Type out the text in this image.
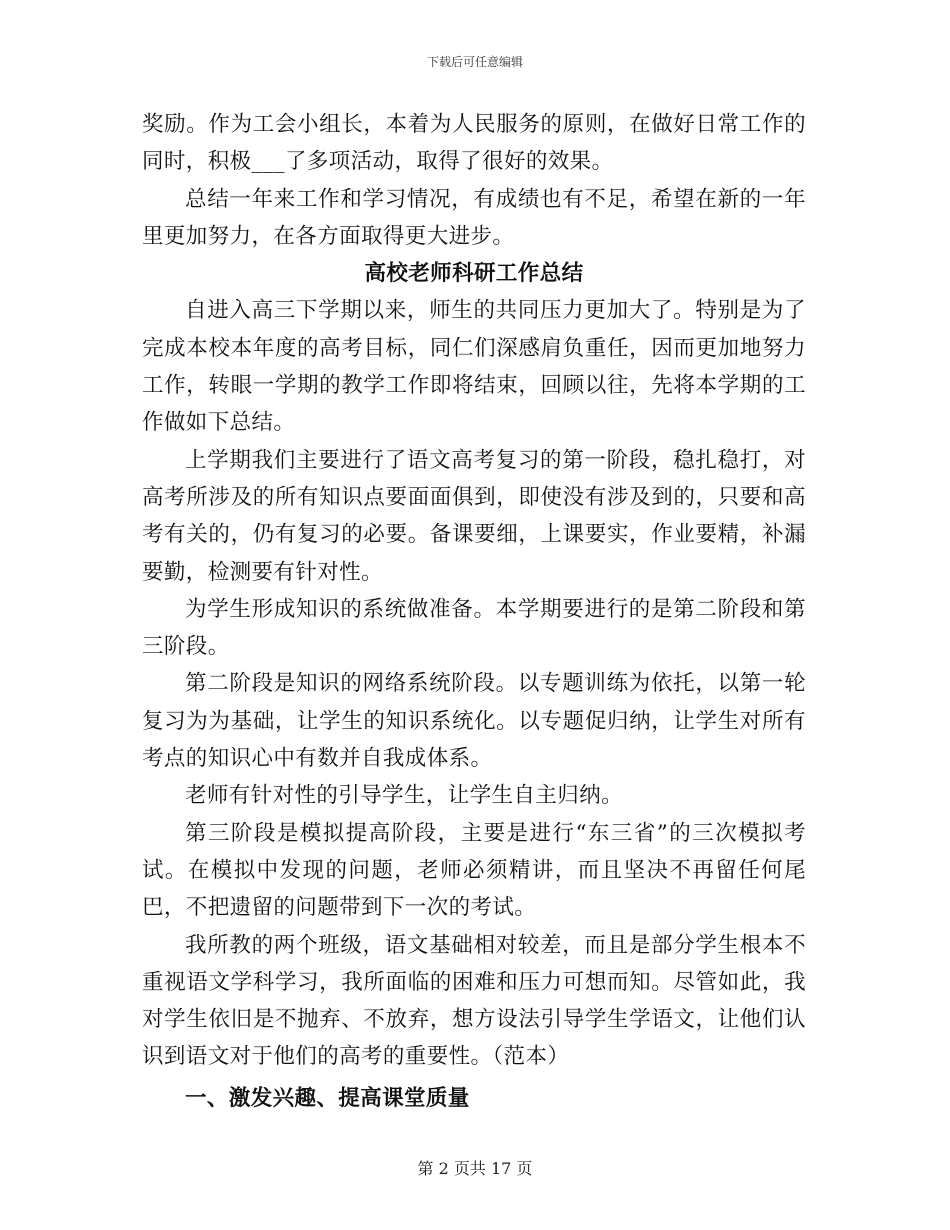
下载后可任意编辑

奖励。作为工会小组长，本着为人民服务的原则，在做好日常工作的同时，积极___了多项活动，取得了很好的效果。

总结一年来工作和学习情况，有成绩也有不足，希望在新的一年里更加努力，在各方面取得更大进步。

高校老师科研工作总结

自进入高三下学期以来，师生的共同压力更加大了。特别是为了完成本校本年度的高考目标，同仁们深感肩负重任，因而更加地努力工作，转眼一学期的教学工作即将结束，回顾以往，先将本学期的工作做如下总结。

上学期我们主要进行了语文高考复习的第一阶段，稳扎稳打，对高考所涉及的所有知识点要面面俱到，即使没有涉及到的，只要和高考有关的，仍有复习的必要。备课要细，上课要实，作业要精，补漏要勤，检测要有针对性。

为学生形成知识的系统做准备。本学期要进行的是第二阶段和第三阶段。

第二阶段是知识的网络系统阶段。以专题训练为依托，以第一轮复习为为基础，让学生的知识系统化。以专题促归纳，让学生对所有考点的知识心中有数并自我成体系。

老师有针对性的引导学生，让学生自主归纳。

第三阶段是模拟提高阶段，主要是进行“东三省”的三次模拟考试。在模拟中发现的问题，老师必须精讲，而且坚决不再留任何尾巴，不把遗留的问题带到下一次的考试。

我所教的两个班级，语文基础相对较差，而且是部分学生根本不重视语文学科学习，我所面临的困难和压力可想而知。尽管如此，我对学生依旧是不抛弃、不放弃，想方设法引导学生学语文，让他们认识到语文对于他们的高考的重要性。（范本）

一、激发兴趣、提高课堂质量
第 2 页共 17 页
